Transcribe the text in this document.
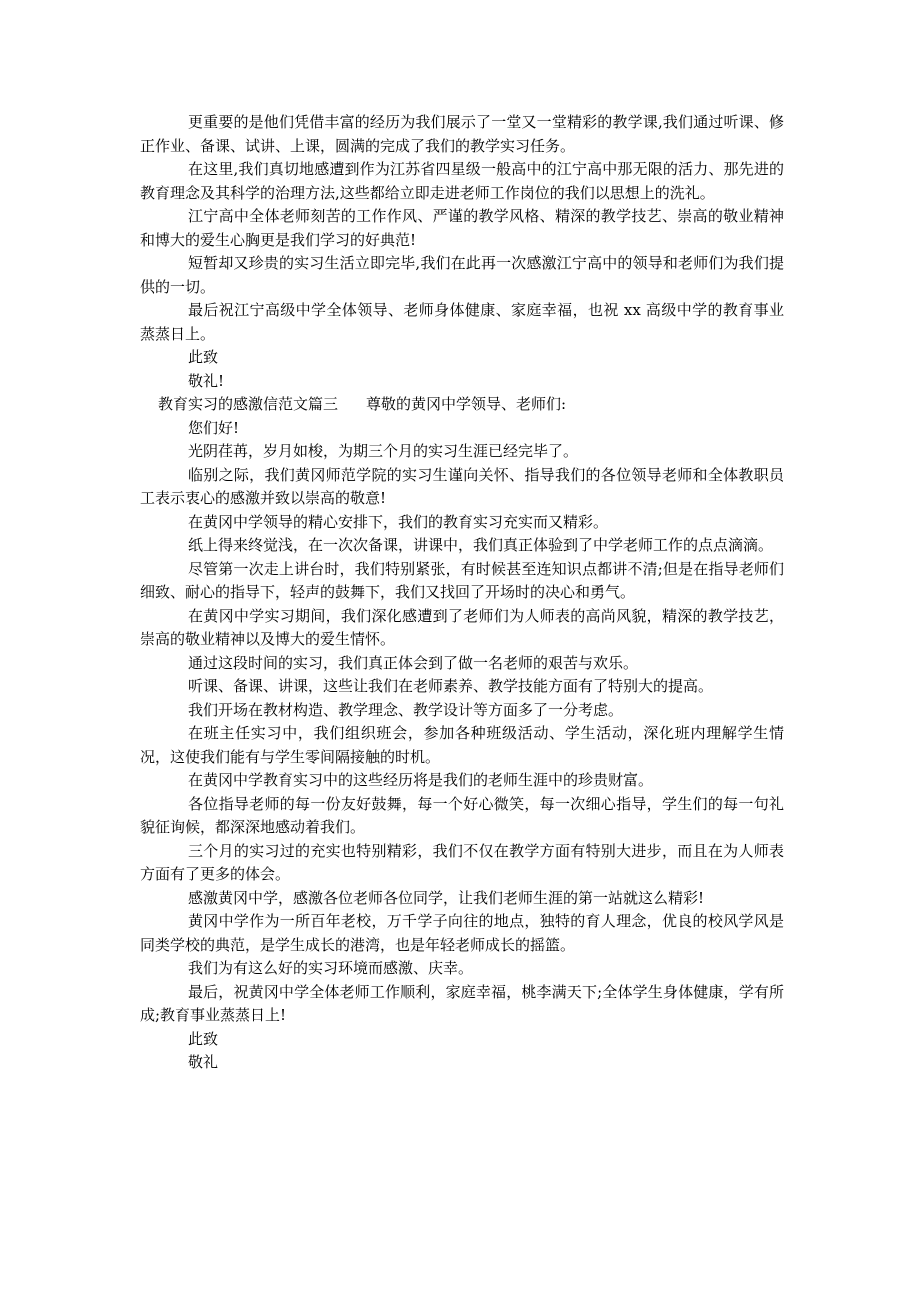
更重要的是他们凭借丰富的经历为我们展示了一堂又一堂精彩的教学课,我们通过听课、修正作业、备课、试讲、上课，圆满的完成了我们的教学实习任务。

在这里,我们真切地感遭到作为江苏省四星级一般高中的江宁高中那无限的活力、那先进的教育理念及其科学的治理方法,这些都给立即走进老师工作岗位的我们以思想上的洗礼。

江宁高中全体老师刻苦的工作作风、严谨的教学风格、精深的教学技艺、崇高的敬业精神和博大的爱生心胸更是我们学习的好典范!

短暂却又珍贵的实习生活立即完毕,我们在此再一次感激江宁高中的领导和老师们为我们提供的一切。

最后祝江宁高级中学全体领导、老师身体健康、家庭幸福，也祝 xx 高级中学的教育事业蒸蒸日上。

此致

敬礼!

教育实习的感激信范文篇三 尊敬的黄冈中学领导、老师们:

您们好!

光阴荏苒，岁月如梭，为期三个月的实习生涯已经完毕了。

临别之际，我们黄冈师范学院的实习生谨向关怀、指导我们的各位领导老师和全体教职员工表示衷心的感激并致以崇高的敬意!

在黄冈中学领导的精心安排下，我们的教育实习充实而又精彩。

纸上得来终觉浅，在一次次备课，讲课中，我们真正体验到了中学老师工作的点点滴滴。

尽管第一次走上讲台时，我们特别紧张，有时候甚至连知识点都讲不清;但是在指导老师们细致、耐心的指导下，轻声的鼓舞下，我们又找回了开场时的决心和勇气。

在黄冈中学实习期间，我们深化感遭到了老师们为人师表的高尚风貌，精深的教学技艺，崇高的敬业精神以及博大的爱生情怀。

通过这段时间的实习，我们真正体会到了做一名老师的艰苦与欢乐。

听课、备课、讲课，这些让我们在老师素养、教学技能方面有了特别大的提高。

我们开场在教材构造、教学理念、教学设计等方面多了一分考虑。

在班主任实习中，我们组织班会，参加各种班级活动、学生活动，深化班内理解学生情况，这使我们能有与学生零间隔接触的时机。

在黄冈中学教育实习中的这些经历将是我们的老师生涯中的珍贵财富。

各位指导老师的每一份友好鼓舞，每一个好心微笑，每一次细心指导，学生们的每一句礼貌征询候，都深深地感动着我们。

三个月的实习过的充实也特别精彩，我们不仅在教学方面有特别大进步，而且在为人师表方面有了更多的体会。

感激黄冈中学，感激各位老师各位同学，让我们老师生涯的第一站就这么精彩!

黄冈中学作为一所百年老校，万千学子向往的地点，独特的育人理念，优良的校风学风是同类学校的典范，是学生成长的港湾，也是年轻老师成长的摇篮。

我们为有这么好的实习环境而感激、庆幸。

最后，祝黄冈中学全体老师工作顺利，家庭幸福，桃李满天下;全体学生身体健康，学有所成;教育事业蒸蒸日上!

此致

敬礼
